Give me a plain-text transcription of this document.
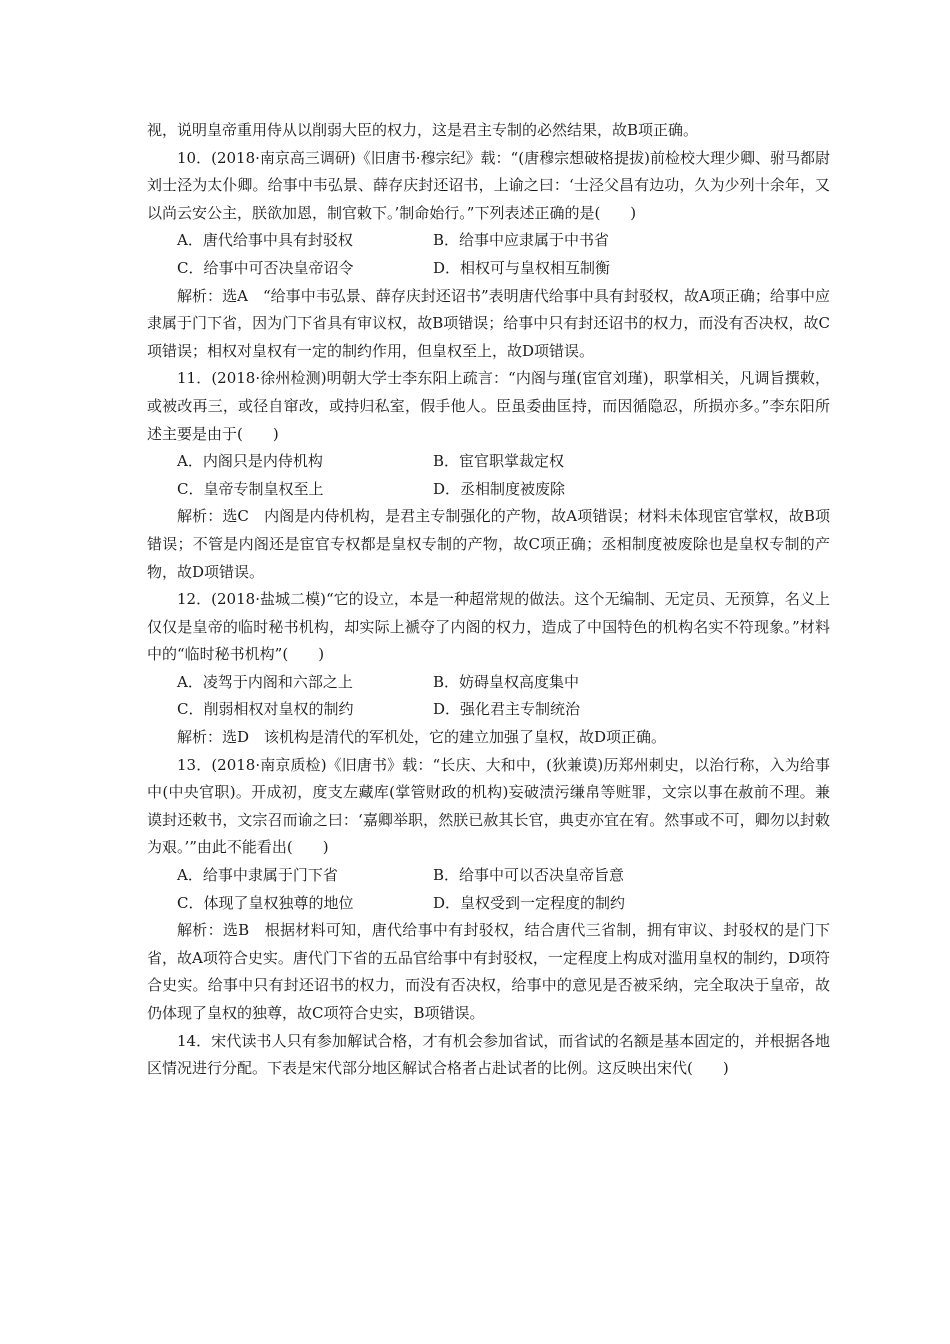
视，说明皇帝重用侍从以削弱大臣的权力，这是君主专制的必然结果，故B项正确。

10．(2018·南京高三调研)《旧唐书·穆宗纪》载：“(唐穆宗想破格提拔)前检校大理少卿、驸马都尉刘士泾为太仆卿。给事中韦弘景、薛存庆封还诏书，上谕之曰：‘士泾父昌有边功，久为少列十余年，又以尚云安公主，朕欲加恩，制官敕下。’制命始行。”下列表述正确的是(　　)

A．唐代给事中具有封驳权	B．给事中应隶属于中书省
C．给事中可否决皇帝诏令	D．相权可与皇权相互制衡

解析：选A　“给事中韦弘景、薛存庆封还诏书”表明唐代给事中具有封驳权，故A项正确；给事中应隶属于门下省，因为门下省具有审议权，故B项错误；给事中只有封还诏书的权力，而没有否决权，故C项错误；相权对皇权有一定的制约作用，但皇权至上，故D项错误。

11．(2018·徐州检测)明朝大学士李东阳上疏言：“内阁与瑾(宦官刘瑾)，职掌相关，凡调旨撰敕，或被改再三，或径自窜改，或持归私室，假手他人。臣虽委曲匡持，而因循隐忍，所损亦多。”李东阳所述主要是由于(　　)

A．内阁只是内侍机构	B．宦官职掌裁定权
C．皇帝专制皇权至上	D．丞相制度被废除

解析：选C　内阁是内侍机构，是君主专制强化的产物，故A项错误；材料未体现宦官掌权，故B项错误；不管是内阁还是宦官专权都是皇权专制的产物，故C项正确；丞相制度被废除也是皇权专制的产物，故D项错误。

12．(2018·盐城二模)“它的设立，本是一种超常规的做法。这个无编制、无定员、无预算，名义上仅仅是皇帝的临时秘书机构，却实际上褫夺了内阁的权力，造成了中国特色的机构名实不符现象。”材料中的“临时秘书机构”(　　)

A．凌驾于内阁和六部之上	B．妨碍皇权高度集中
C．削弱相权对皇权的制约	D．强化君主专制统治

解析：选D　该机构是清代的军机处，它的建立加强了皇权，故D项正确。

13．(2018·南京质检)《旧唐书》载：“长庆、大和中，(狄兼谟)历郑州刺史，以治行称，入为给事中(中央官职)。开成初，度支左藏库(掌管财政的机构)妄破渍污缣帛等赃罪，文宗以事在赦前不理。兼谟封还敕书，文宗召而谕之曰：‘嘉卿举职，然朕已赦其长官，典吏亦宜在宥。然事或不可，卿勿以封敕为艰。’”由此不能看出(　　)

A．给事中隶属于门下省	B．给事中可以否决皇帝旨意
C．体现了皇权独尊的地位	D．皇权受到一定程度的制约

解析：选B　根据材料可知，唐代给事中有封驳权，结合唐代三省制，拥有审议、封驳权的是门下省，故A项符合史实。唐代门下省的五品官给事中有封驳权，一定程度上构成对滥用皇权的制约，D项符合史实。给事中只有封还诏书的权力，而没有否决权，给事中的意见是否被采纳，完全取决于皇帝，故仍体现了皇权的独尊，故C项符合史实，B项错误。

14．宋代读书人只有参加解试合格，才有机会参加省试，而省试的名额是基本固定的，并根据各地区情况进行分配。下表是宋代部分地区解试合格者占赴试者的比例。这反映出宋代(　　)
